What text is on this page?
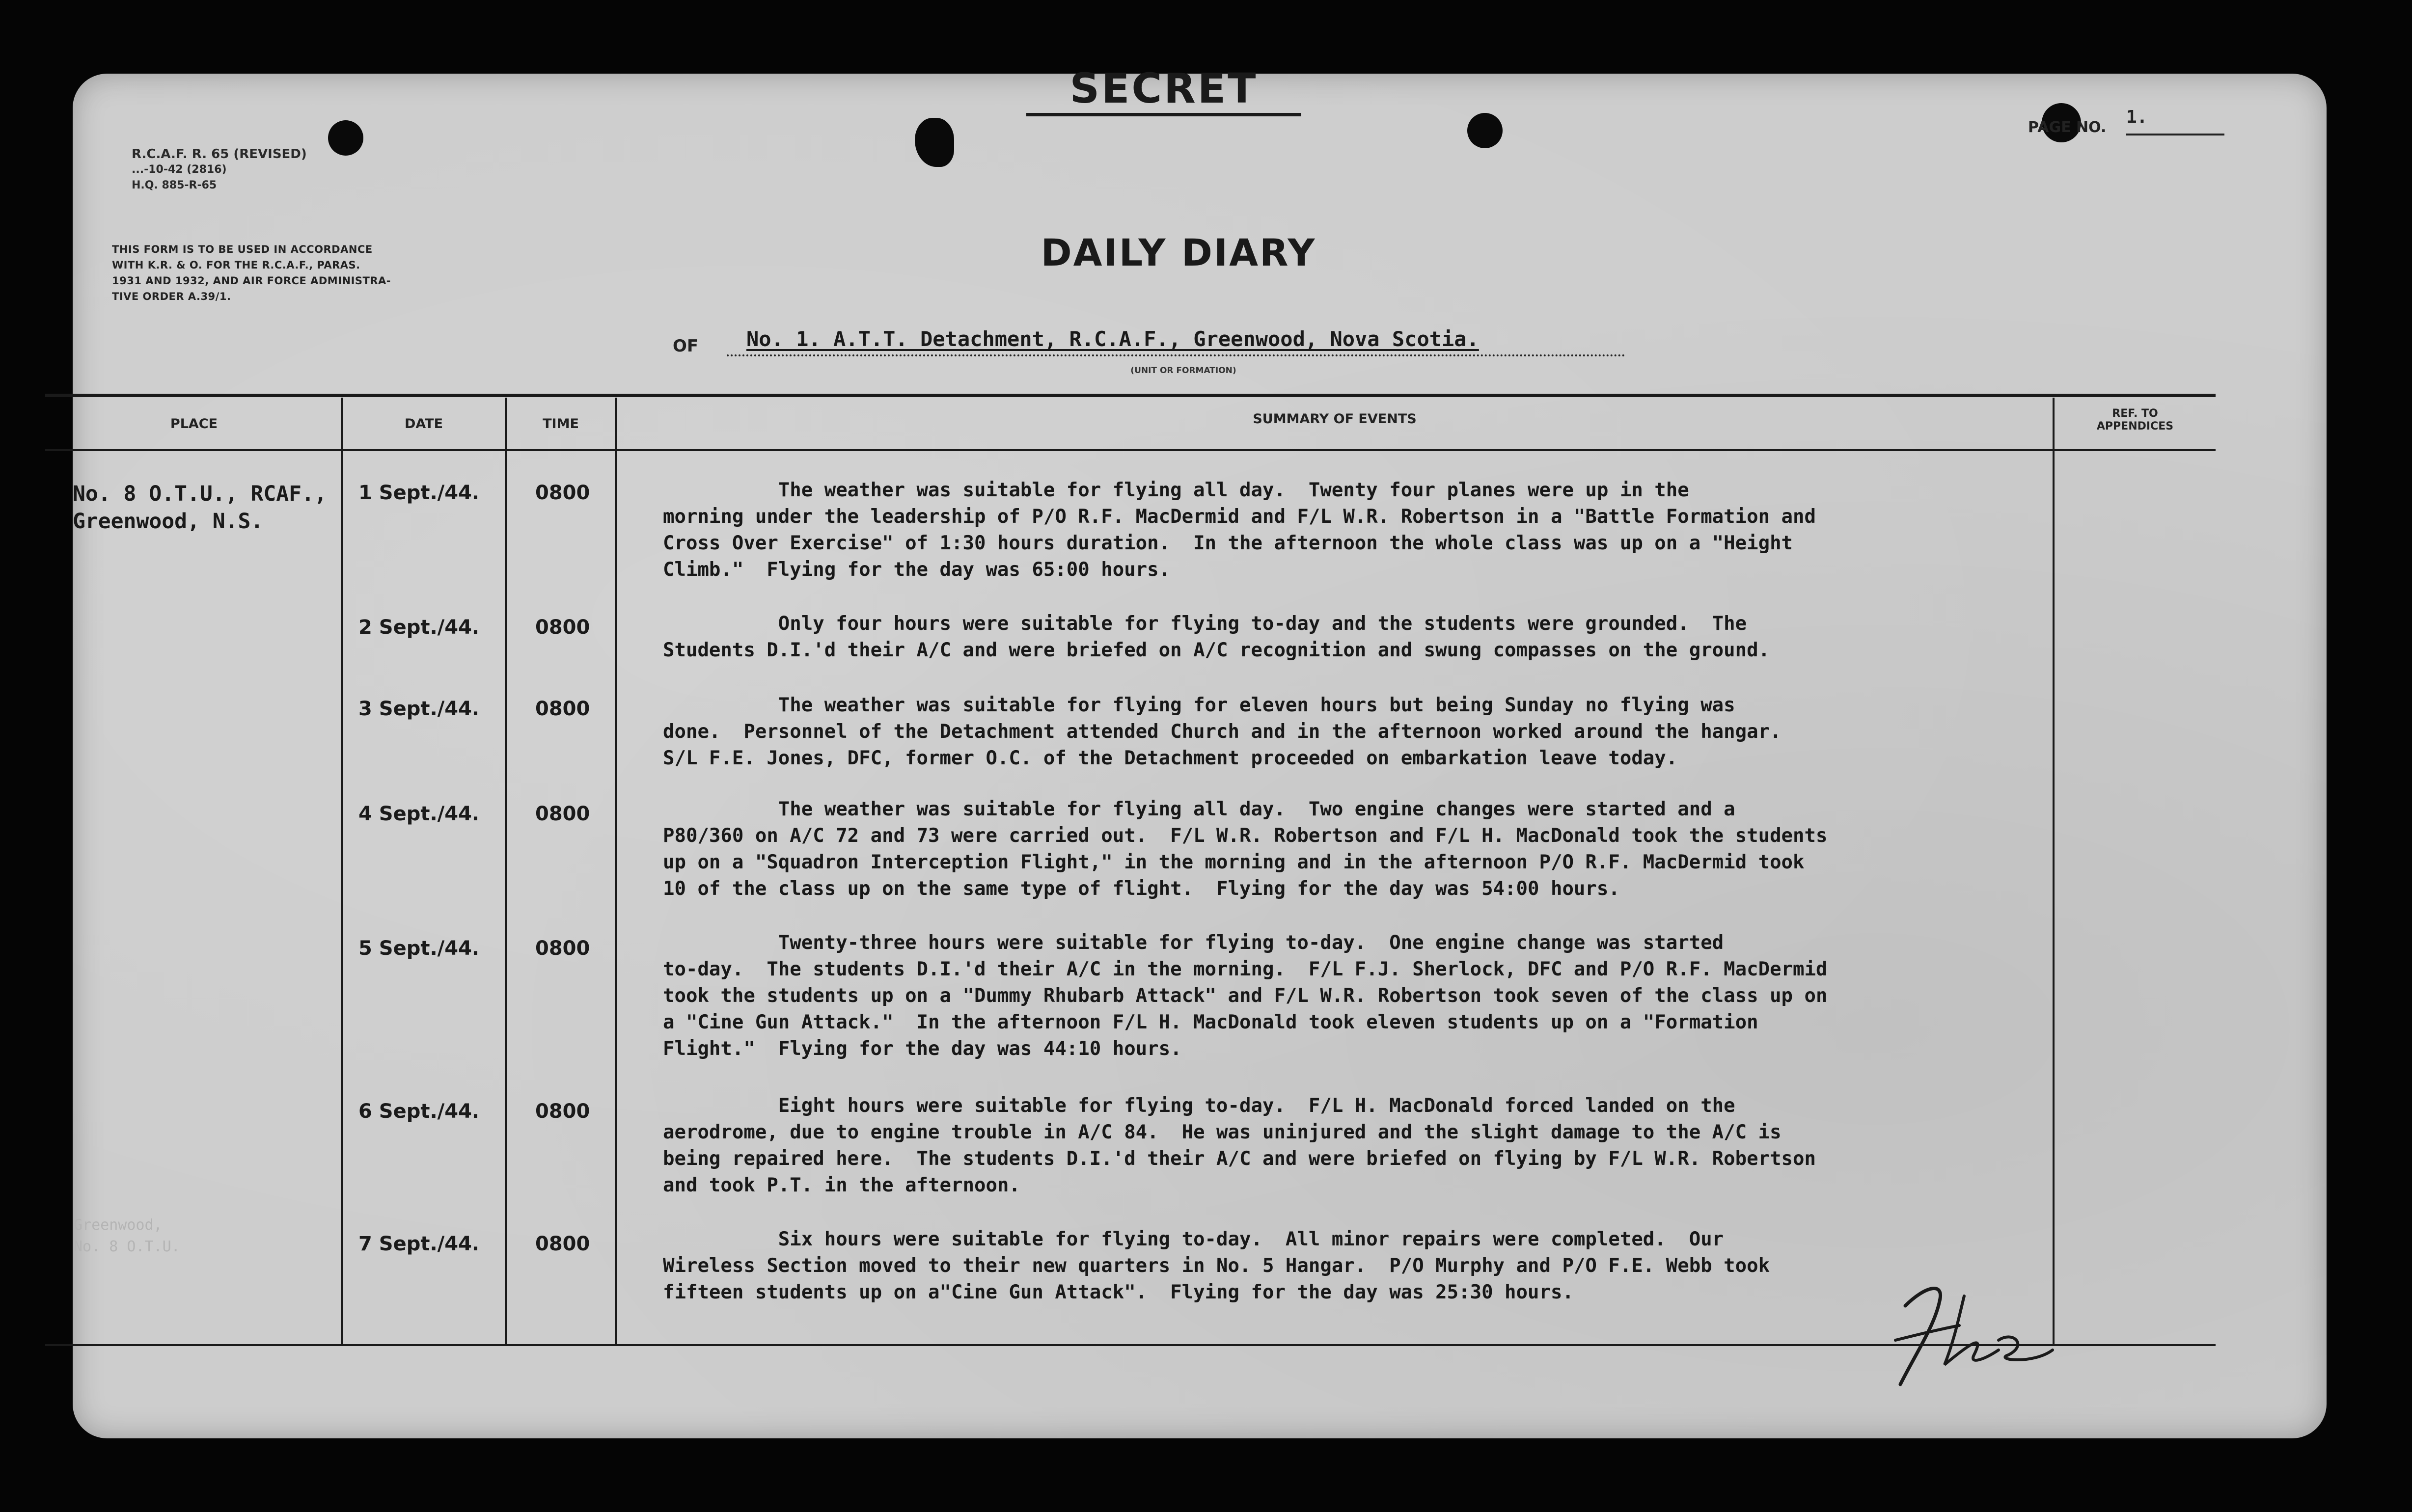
R.C.A.F. R. 65 (REVISED)
...-10-42 (2816)
H.Q. 885-R-65
THIS FORM IS TO BE USED IN ACCORDANCE
WITH K.R. & O. FOR THE R.C.A.F., PARAS.
1931 AND 1932, AND AIR FORCE ADMINISTRA-
TIVE ORDER A.39/1.
SECRET
PAGE NO.
1.
DAILY DIARY
OF	No. 1. A.T.T. Detachment, R.C.A.F., Greenwood, Nova Scotia.
(UNIT OR FORMATION)
PLACE	DATE	TIME	SUMMARY OF EVENTS	REF. TO
APPENDICES
No. 8 O.T.U., RCAF.,
Greenwood, N.S.
1 Sept./44.	0800	The weather was suitable for flying all day.  Twenty four planes were up in the
morning under the leadership of P/O R.F. MacDermid and F/L W.R. Robertson in a "Battle Formation and
Cross Over Exercise" of 1:30 hours duration.  In the afternoon the whole class was up on a "Height
Climb."  Flying for the day was 65:00 hours.
2 Sept./44.	0800	Only four hours were suitable for flying to-day and the students were grounded.  The
Students D.I.'d their A/C and were briefed on A/C recognition and swung compasses on the ground.
3 Sept./44.	0800	The weather was suitable for flying for eleven hours but being Sunday no flying was
done.  Personnel of the Detachment attended Church and in the afternoon worked around the hangar.
S/L F.E. Jones, DFC, former O.C. of the Detachment proceeded on embarkation leave today.
4 Sept./44.	0800	The weather was suitable for flying all day.  Two engine changes were started and a
P80/360 on A/C 72 and 73 were carried out.  F/L W.R. Robertson and F/L H. MacDonald took the students
up on a "Squadron Interception Flight," in the morning and in the afternoon P/O R.F. MacDermid took
10 of the class up on the same type of flight.  Flying for the day was 54:00 hours.
5 Sept./44.	0800	Twenty-three hours were suitable for flying to-day.  One engine change was started
to-day.  The students D.I.'d their A/C in the morning.  F/L F.J. Sherlock, DFC and P/O R.F. MacDermid
took the students up on a "Dummy Rhubarb Attack" and F/L W.R. Robertson took seven of the class up on
a "Cine Gun Attack."  In the afternoon F/L H. MacDonald took eleven students up on a "Formation
Flight."  Flying for the day was 44:10 hours.
6 Sept./44.	0800	Eight hours were suitable for flying to-day.  F/L H. MacDonald forced landed on the
aerodrome, due to engine trouble in A/C 84.  He was uninjured and the slight damage to the A/C is
being repaired here.  The students D.I.'d their A/C and were briefed on flying by F/L W.R. Robertson
and took P.T. in the afternoon.
Greenwood,
No. 8 O.T.U.	7 Sept./44.	0800	Six hours were suitable for flying to-day.  All minor repairs were completed.  Our
Wireless Section moved to their new quarters in No. 5 Hangar.  P/O Murphy and P/O F.E. Webb took
fifteen students up on a"Cine Gun Attack".  Flying for the day was 25:30 hours.
